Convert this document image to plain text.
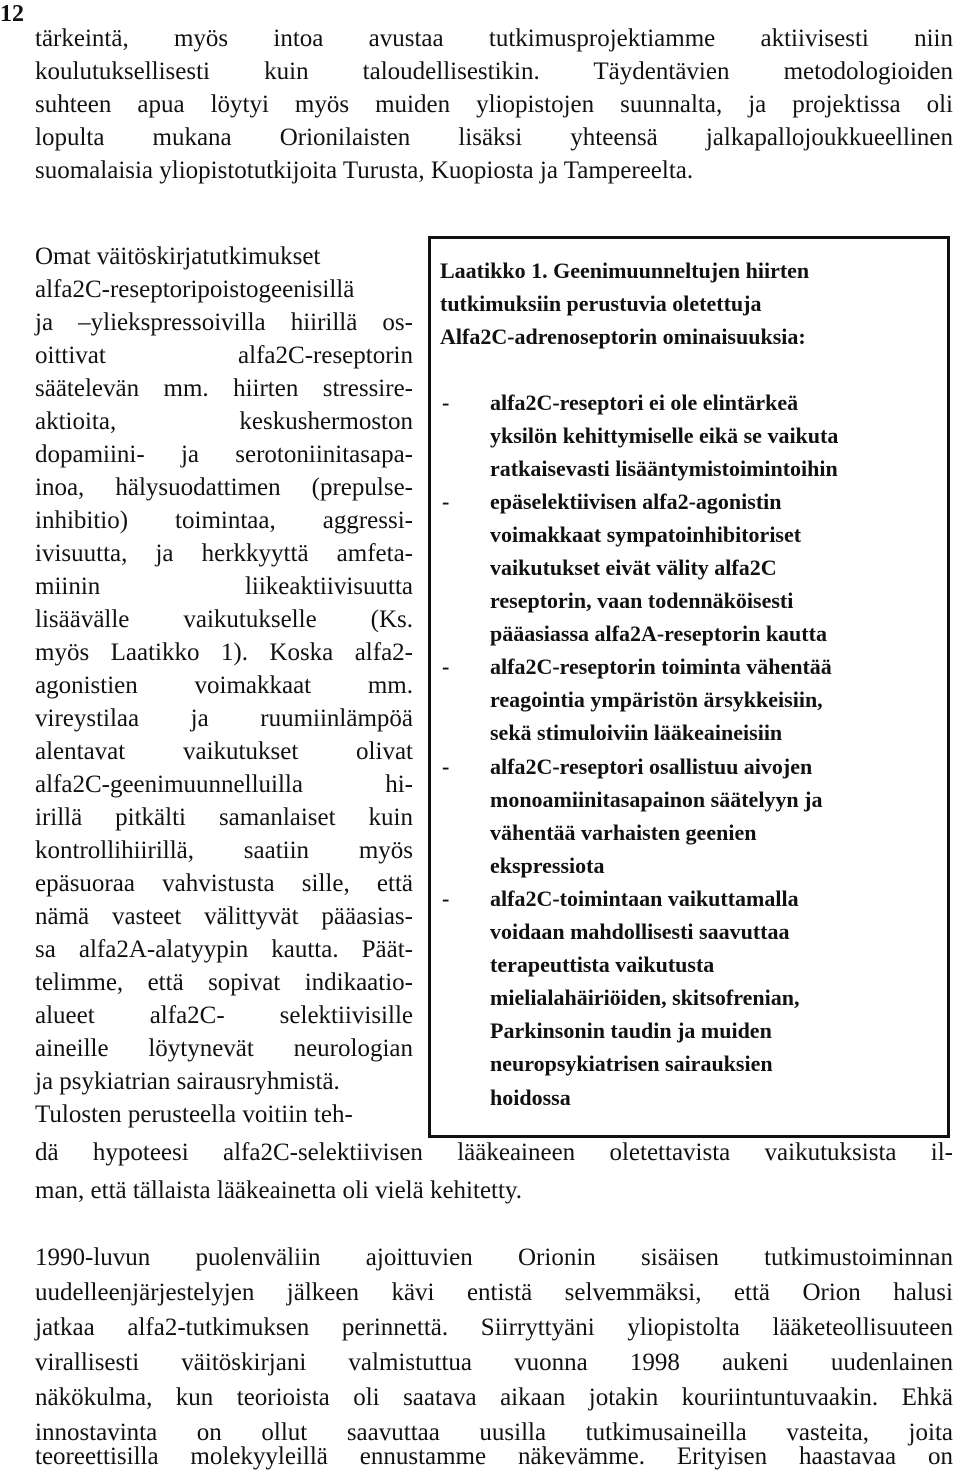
12
tärkeintä, myös intoa avustaa tutkimusprojektiamme aktiivisesti niin
koulutuksellisesti kuin taloudellisestikin. Täydentävien metodologioiden
suhteen apua löytyi myös muiden yliopistojen suunnalta, ja projektissa oli
lopulta mukana Orionilaisten lisäksi yhteensä jalkapallojoukkueellinen
suomalaisia yliopistotutkijoita Turusta, Kuopiosta ja Tampereelta.
Omat väitöskirjatutkimukset
alfa2C-reseptoripoistogeenisillä
ja –yliekspressoivilla hiirillä os-
oittivat alfa2C-reseptorin
säätelevän mm. hiirten stressire-
aktioita, keskushermoston
dopamiini- ja serotoniinitasapa-
inoa, hälysuodattimen (prepulse-
inhibitio) toimintaa, aggressi-
ivisuutta, ja herkkyyttä amfeta-
miinin liikeaktiivisuutta
lisäävälle vaikutukselle (Ks.
myös Laatikko 1). Koska alfa2-
agonistien voimakkaat mm.
vireystilaa ja ruumiinlämpöä
alentavat vaikutukset olivat
alfa2C-geenimuunnelluilla hi-
irillä pitkälti samanlaiset kuin
kontrollihiirillä, saatiin myös
epäsuoraa vahvistusta sille, että
nämä vasteet välittyvät pääasias-
sa alfa2A-alatyypin kautta. Päät-
telimme, että sopivat indikaatio-
alueet alfa2C- selektiivisille
aineille löytynevät neurologian
ja psykiatrian sairausryhmistä.
Tulosten perusteella voitiin teh-
Laatikko 1. Geenimuunneltujen hiirten
tutkimuksiin perustuvia oletettuja
Alfa2C-adrenoseptorin ominaisuuksia:
- alfa2C-reseptori ei ole elintärkeä
yksilön kehittymiselle eikä se vaikuta
ratkaisevasti lisääntymistoimintoihin
- epäselektiivisen alfa2-agonistin
voimakkaat sympatoinhibitoriset
vaikutukset eivät välity alfa2C
reseptorin, vaan todennäköisesti
pääasiassa alfa2A-reseptorin kautta
- alfa2C-reseptorin toiminta vähentää
reagointia ympäristön ärsykkeisiin,
sekä stimuloiviin lääkeaineisiin
- alfa2C-reseptori osallistuu aivojen
monoamiinitasapainon säätelyyn ja
vähentää varhaisten geenien
ekspressiota
- alfa2C-toimintaan vaikuttamalla
voidaan mahdollisesti saavuttaa
terapeuttista vaikutusta
mielialahäiriöiden, skitsofrenian,
Parkinsonin taudin ja muiden
neuropsykiatrisen sairauksien
hoidossa
dä hypoteesi alfa2C-selektiivisen lääkeaineen oletettavista vaikutuksista il-
man, että tällaista lääkeainetta oli vielä kehitetty.
1990-luvun puolenväliin ajoittuvien Orionin sisäisen tutkimustoiminnan
uudelleenjärjestelyjen jälkeen kävi entistä selvemmäksi, että Orion halusi
jatkaa alfa2-tutkimuksen perinnettä. Siirryttyäni yliopistolta lääketeollisuuteen
virallisesti väitöskirjani valmistuttua vuonna 1998 aukeni uudenlainen
näkökulma, kun teorioista oli saatava aikaan jotakin kouriintuntuvaakin. Ehkä
innostavinta on ollut saavuttaa uusilla tutkimusaineilla vasteita, joita
teoreettisilla molekyyleillä ennustamme näkevämme. Erityisen haastavaa on
